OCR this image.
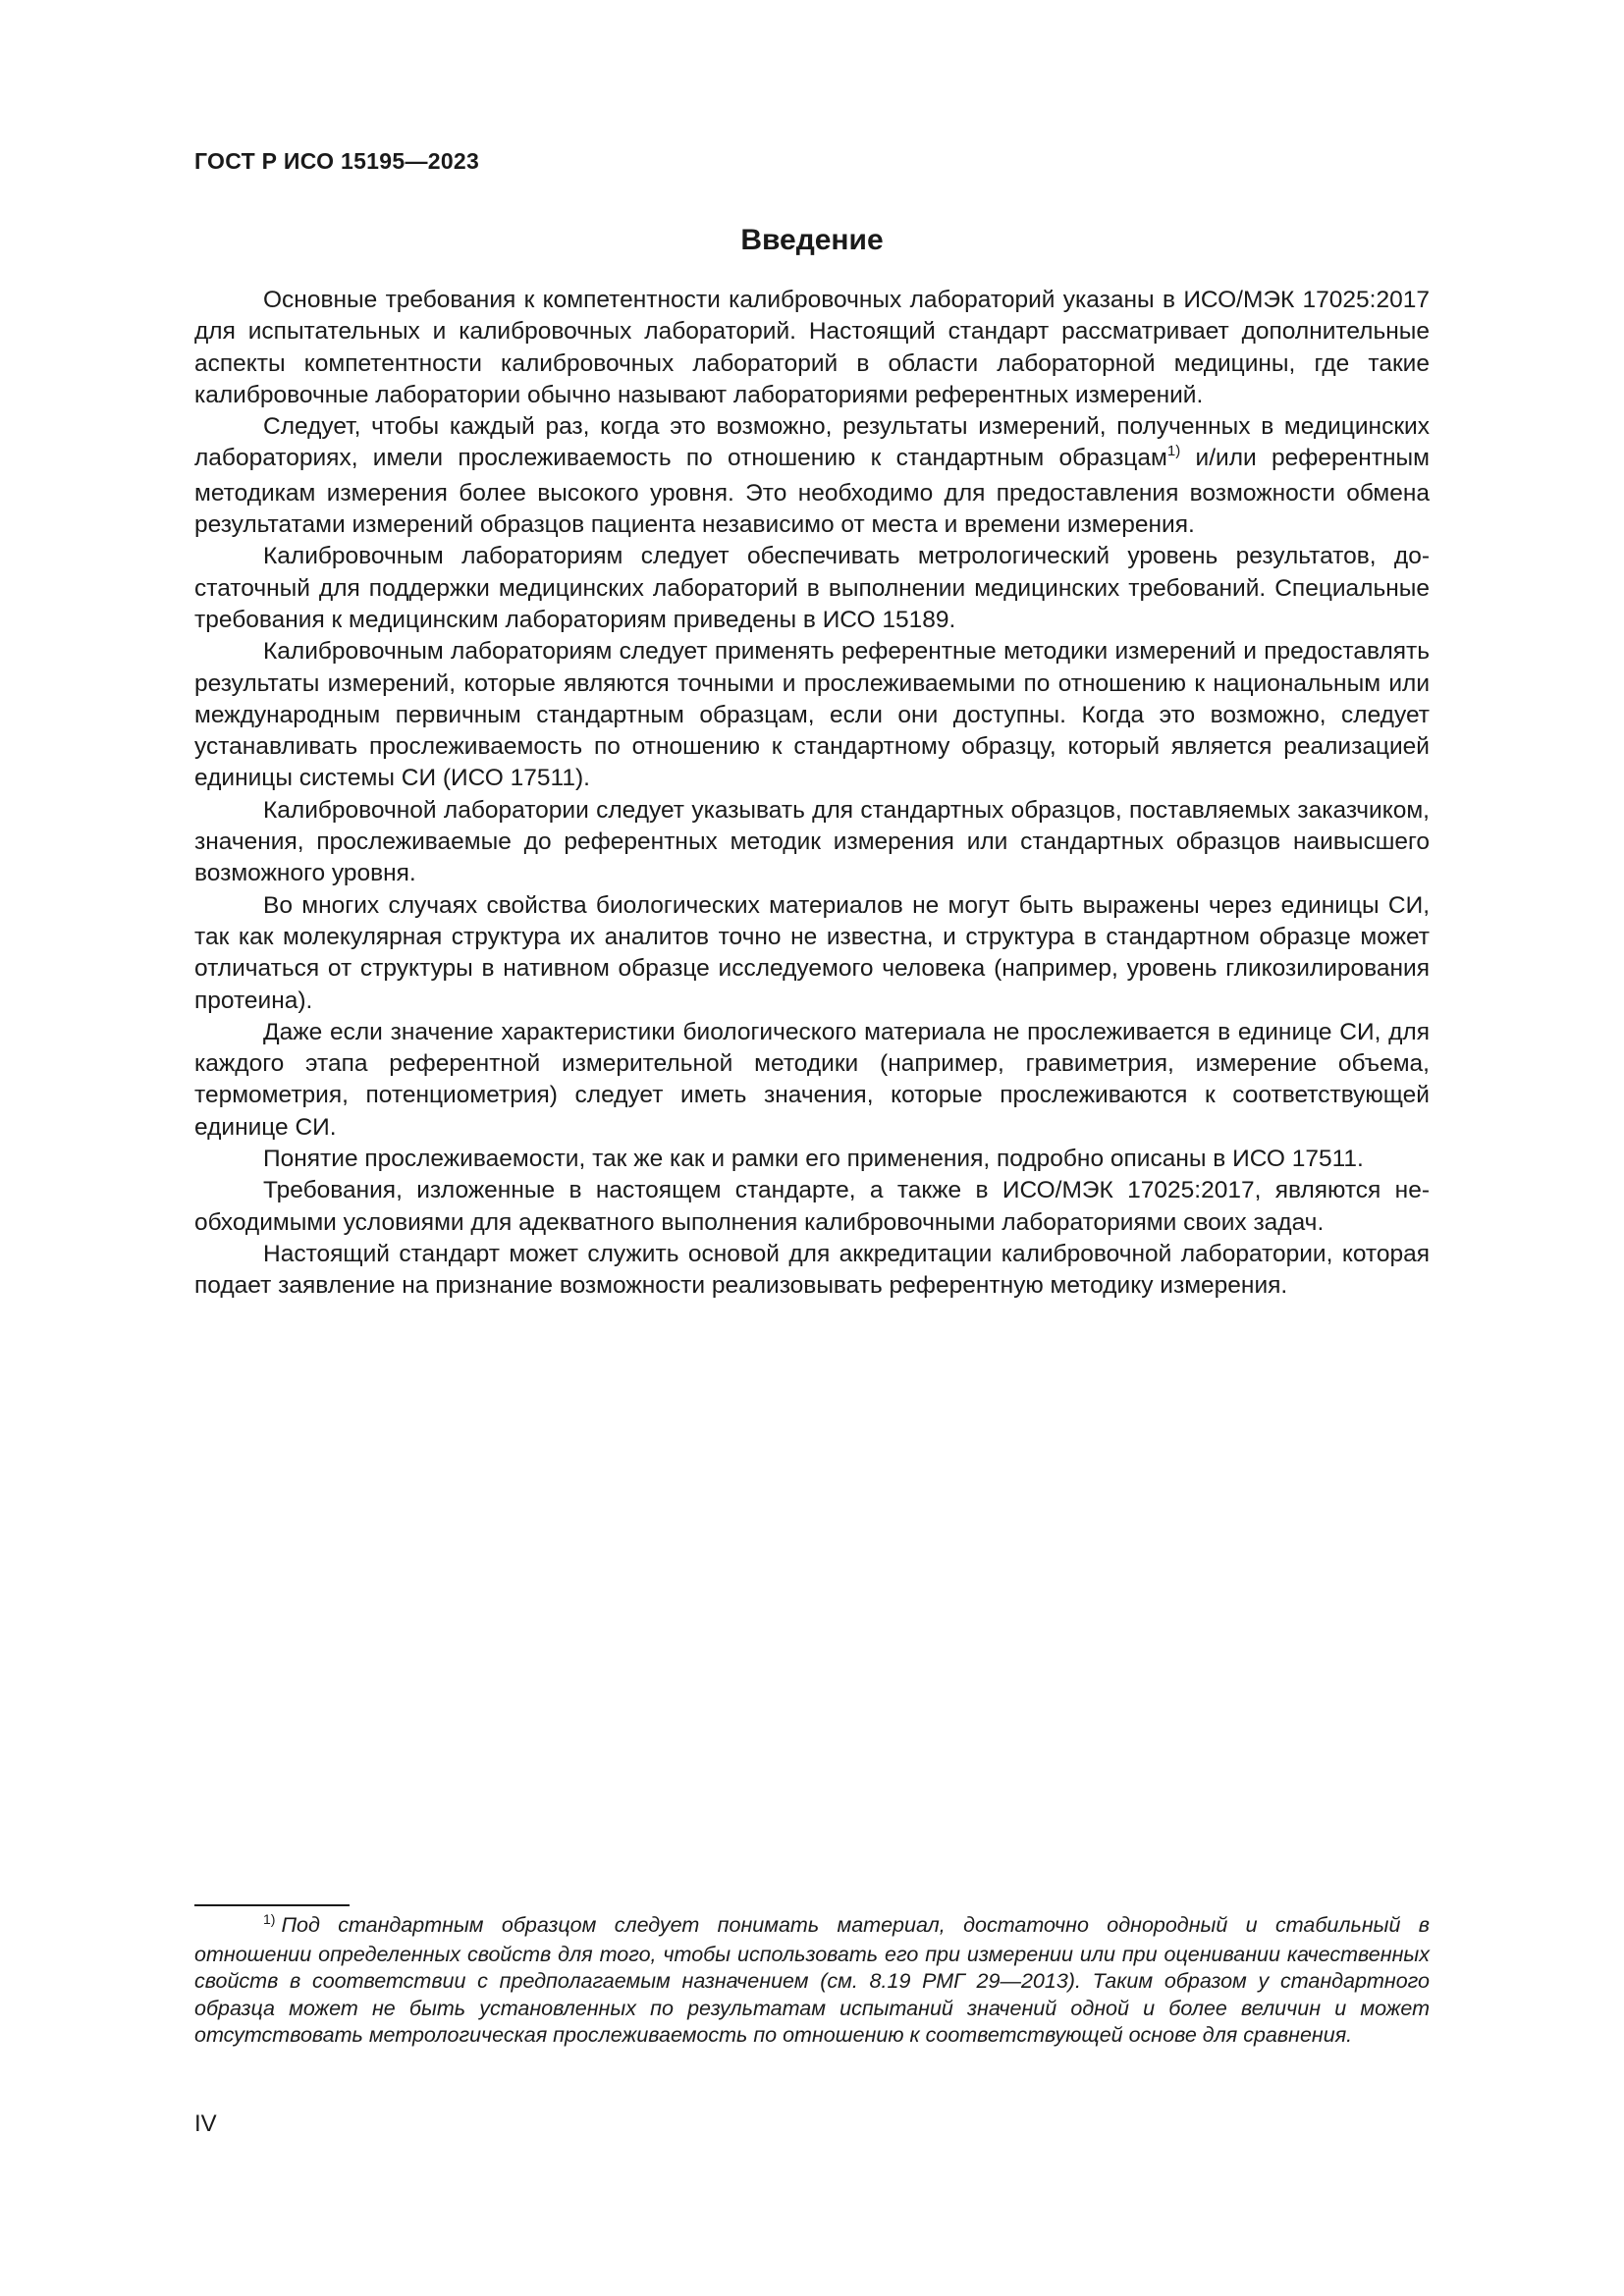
ГОСТ Р ИСО 15195—2023
Введение

Основные требования к компетентности калибровочных лабораторий указаны в ИСО/МЭК 17025:2017 для испытательных и калибровочных лабораторий. Настоящий стандарт рассматривает дополнительные аспекты компетентности калибровочных лабораторий в области лабораторной медицины, где такие калибровочные лаборатории обычно называют лабораториями референтных измерений.

Следует, чтобы каждый раз, когда это возможно, результаты измерений, полученных в медицинских лабораториях, имели прослеживаемость по отношению к стандартным образцам$^{1)}$ и/или референтным методикам измерения более высокого уровня. Это необходимо для предоставления возможности обмена результатами измерений образцов пациента независимо от места и времени измерения.

Калибровочным лабораториям следует обеспечивать метрологический уровень результатов, достаточный для поддержки медицинских лабораторий в выполнении медицинских требований. Специальные требования к медицинским лабораториям приведены в ИСО 15189.

Калибровочным лабораториям следует применять референтные методики измерений и предоставлять результаты измерений, которые являются точными и прослеживаемыми по отношению к национальным или международным первичным стандартным образцам, если они доступны. Когда это возможно, следует устанавливать прослеживаемость по отношению к стандартному образцу, который является реализацией единицы системы СИ (ИСО 17511).

Калибровочной лаборатории следует указывать для стандартных образцов, поставляемых заказчиком, значения, прослеживаемые до референтных методик измерения или стандартных образцов наивысшего возможного уровня.

Во многих случаях свойства биологических материалов не могут быть выражены через единицы СИ, так как молекулярная структура их аналитов точно не известна, и структура в стандартном образце может отличаться от структуры в нативном образце исследуемого человека (например, уровень гликозилирования протеина).

Даже если значение характеристики биологического материала не прослеживается в единице СИ, для каждого этапа референтной измерительной методики (например, гравиметрия, измерение объема, термометрия, потенциометрия) следует иметь значения, которые прослеживаются к соответствующей единице СИ.

Понятие прослеживаемости, так же как и рамки его применения, подробно описаны в ИСО 17511.

Требования, изложенные в настоящем стандарте, а также в ИСО/МЭК 17025:2017, являются необходимыми условиями для адекватного выполнения калибровочными лабораториями своих задач.

Настоящий стандарт может служить основой для аккредитации калибровочной лаборатории, которая подает заявление на признание возможности реализовывать референтную методику измерения.

$^{1)}$ Под стандартным образцом следует понимать материал, достаточно однородный и стабильный в отношении определенных свойств для того, чтобы использовать его при измерении или при оценивании качественных свойств в соответствии с предполагаемым назначением (см. 8.19 РМГ 29—2013). Таким образом у стандартного образца может не быть установленных по результатам испытаний значений одной и более величин и может отсутствовать метрологическая прослеживаемость по отношению к соответствующей основе для сравнения.
IV
